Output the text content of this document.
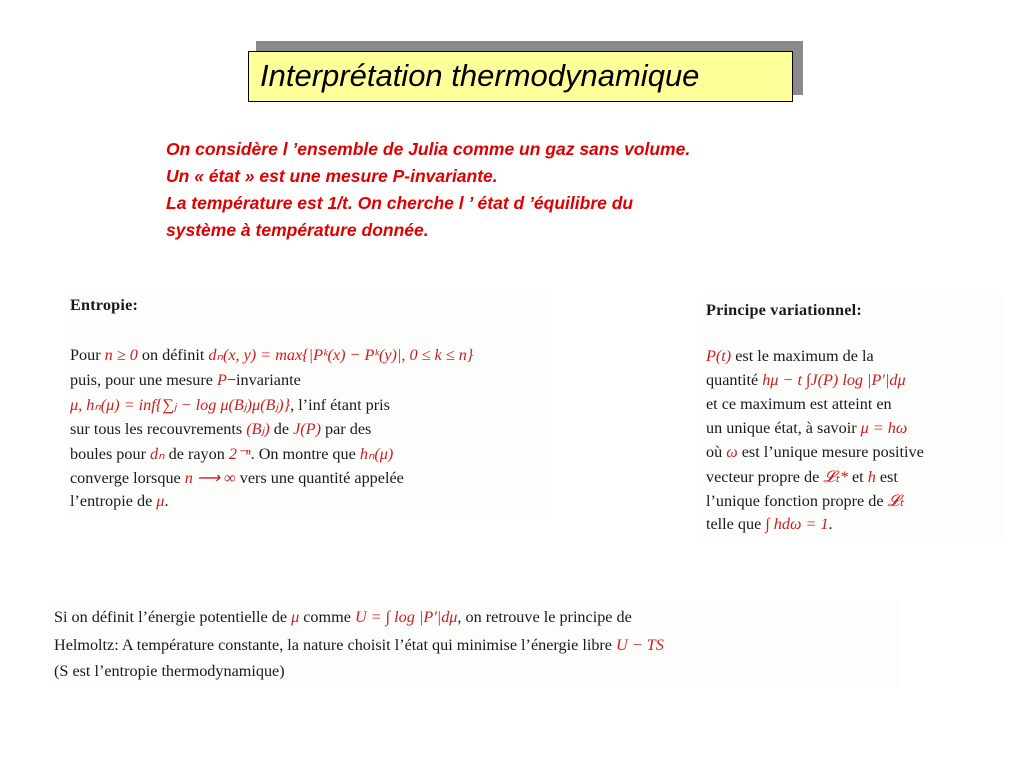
Interprétation thermodynamique
On considère l ’ensemble de Julia comme un gaz sans volume.
Un « état » est une mesure P-invariante.
La température est 1/t. On cherche l ’ état d ’équilibre du
système à température donnée.
Entropie:
Pour n ≥ 0 on définit dₙ(x, y) = max{|Pᵏ(x) − Pᵏ(y)|, 0 ≤ k ≤ n}
puis, pour une mesure P−invariante
μ, hₙ(μ) = inf{∑ⱼ − log μ(Bⱼ)μ(Bⱼ)}, l’inf étant pris
sur tous les recouvrements (Bⱼ) de J(P) par des
boules pour dₙ de rayon 2⁻ⁿ. On montre que hₙ(μ)
converge lorsque n ⟶ ∞ vers une quantité appelée
l’entropie de μ.
Principe variationnel:
P(t) est le maximum de la
quantité hμ − t ∫J(P) log |P′|dμ
et ce maximum est atteint en
un unique état, à savoir μ = hω
où ω est l’unique mesure positive
vecteur propre de 𝓛ₜ* et h est
l’unique fonction propre de 𝓛ₜ
telle que ∫ hdω = 1.
Si on définit l’énergie potentielle de μ comme U = ∫ log |P′|dμ, on retrouve le principe de
Helmoltz: A température constante, la nature choisit l’état qui minimise l’énergie libre U − TS
(S est l’entropie thermodynamique)
